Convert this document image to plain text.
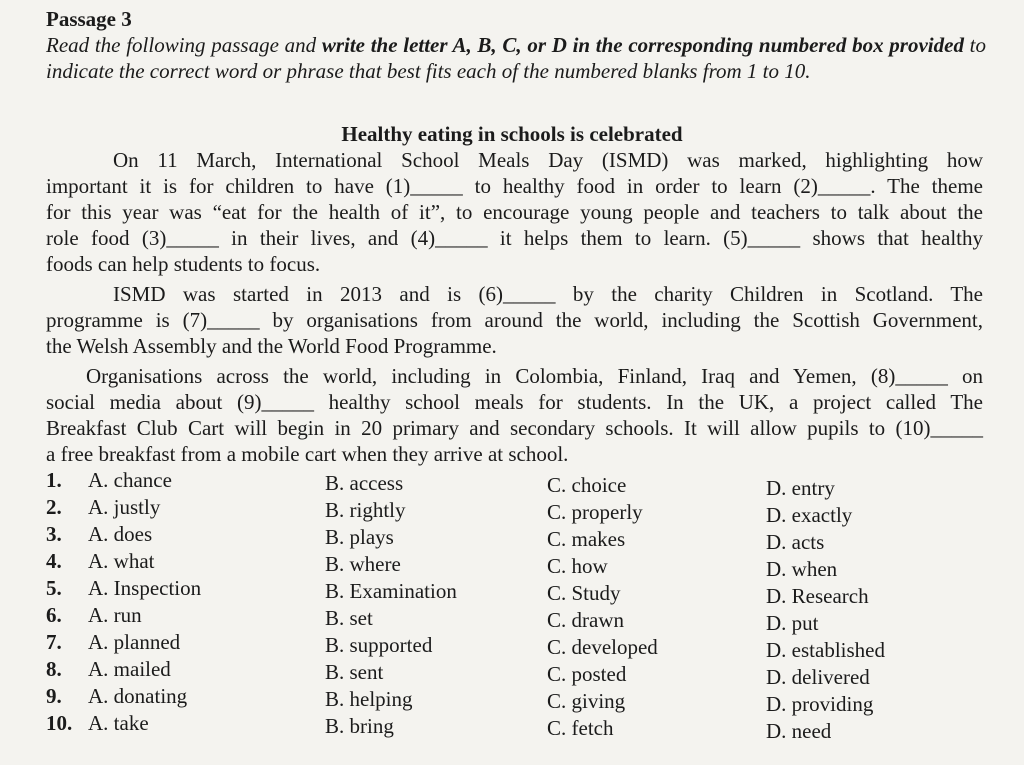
Passage 3
Read the following passage and write the letter A, B, C, or D in the corresponding numbered box provided to indicate the correct word or phrase that best fits each of the numbered blanks from 1 to 10.
Healthy eating in schools is celebrated
On 11 March, International School Meals Day (ISMD) was marked, highlighting how
important it is for children to have (1)_____ to healthy food in order to learn (2)_____. The theme
for this year was “eat for the health of it”, to encourage young people and teachers to talk about the
role food (3)_____ in their lives, and (4)_____ it helps them to learn. (5)_____ shows that healthy
foods can help students to focus.
ISMD was started in 2013 and is (6)_____ by the charity Children in Scotland. The
programme is (7)_____ by organisations from around the world, including the Scottish Government,
the Welsh Assembly and the World Food Programme.
Organisations across the world, including in Colombia, Finland, Iraq and Yemen, (8)_____ on
social media about (9)_____ healthy school meals for students. In the UK, a project called The
Breakfast Club Cart will begin in 20 primary and secondary schools. It will allow pupils to (10)_____
a free breakfast from a mobile cart when they arrive at school.
1. A. chance	B. access	C. choice	D. entry
2. A. justly	B. rightly	C. properly	D. exactly
3. A. does	B. plays	C. makes	D. acts
4. A. what	B. where	C. how	D. when
5. A. Inspection	B. Examination	C. Study	D. Research
6. A. run	B. set	C. drawn	D. put
7. A. planned	B. supported	C. developed	D. established
8. A. mailed	B. sent	C. posted	D. delivered
9. A. donating	B. helping	C. giving	D. providing
10. A. take	B. bring	C. fetch	D. need
